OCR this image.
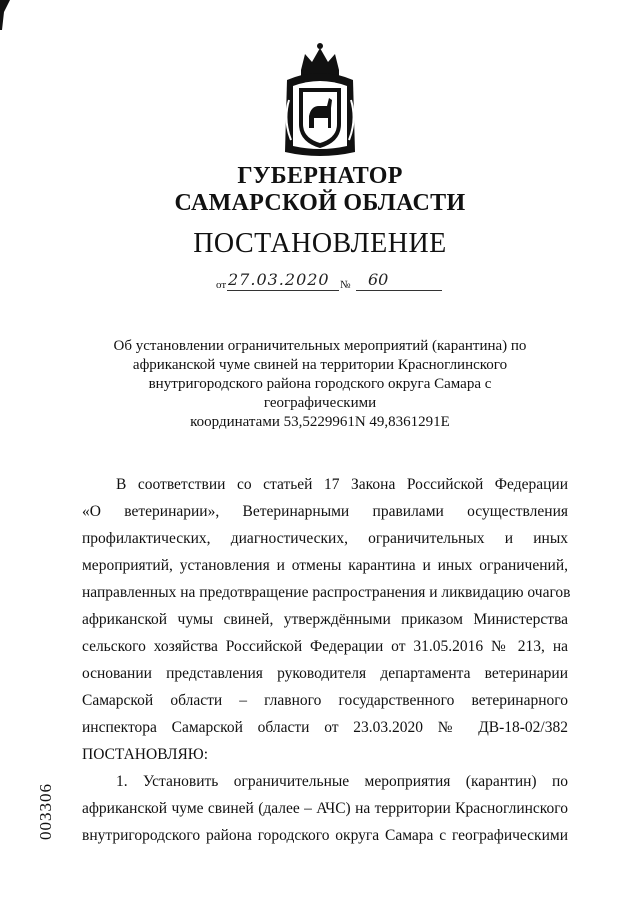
ГУБЕРНАТОР
САМАРСКОЙ ОБЛАСТИ
ПОСТАНОВЛЕНИЕ
от 27.03.2020 № 60

Об установлении ограничительных мероприятий (карантина) по

африканской чуме свиней на территории Красноглинского

внутригородского района городского округа Самара с географическими

координатами 53,5229961N 49,8361291E

В соответствии со статьей 17 Закона Российской Федерации

«О ветеринарии», Ветеринарными правилами осуществления

профилактических, диагностических, ограничительных и иных

мероприятий, установления и отмены карантина и иных ограничений,

направленных на предотвращение распространения и ликвидацию очагов

африканской чумы свиней, утверждёнными приказом Министерства

сельского хозяйства Российской Федерации от 31.05.2016 № 213, на

основании представления руководителя департамента ветеринарии

Самарской области – главного государственного ветеринарного

инспектора Самарской области от 23.03.2020 № ДВ-18-02/382

ПОСТАНОВЛЯЮ:

1. Установить ограничительные мероприятия (карантин) по

африканской чуме свиней (далее – АЧС) на территории Красноглинского

внутригородского района городского округа Самара с географическими

003306
